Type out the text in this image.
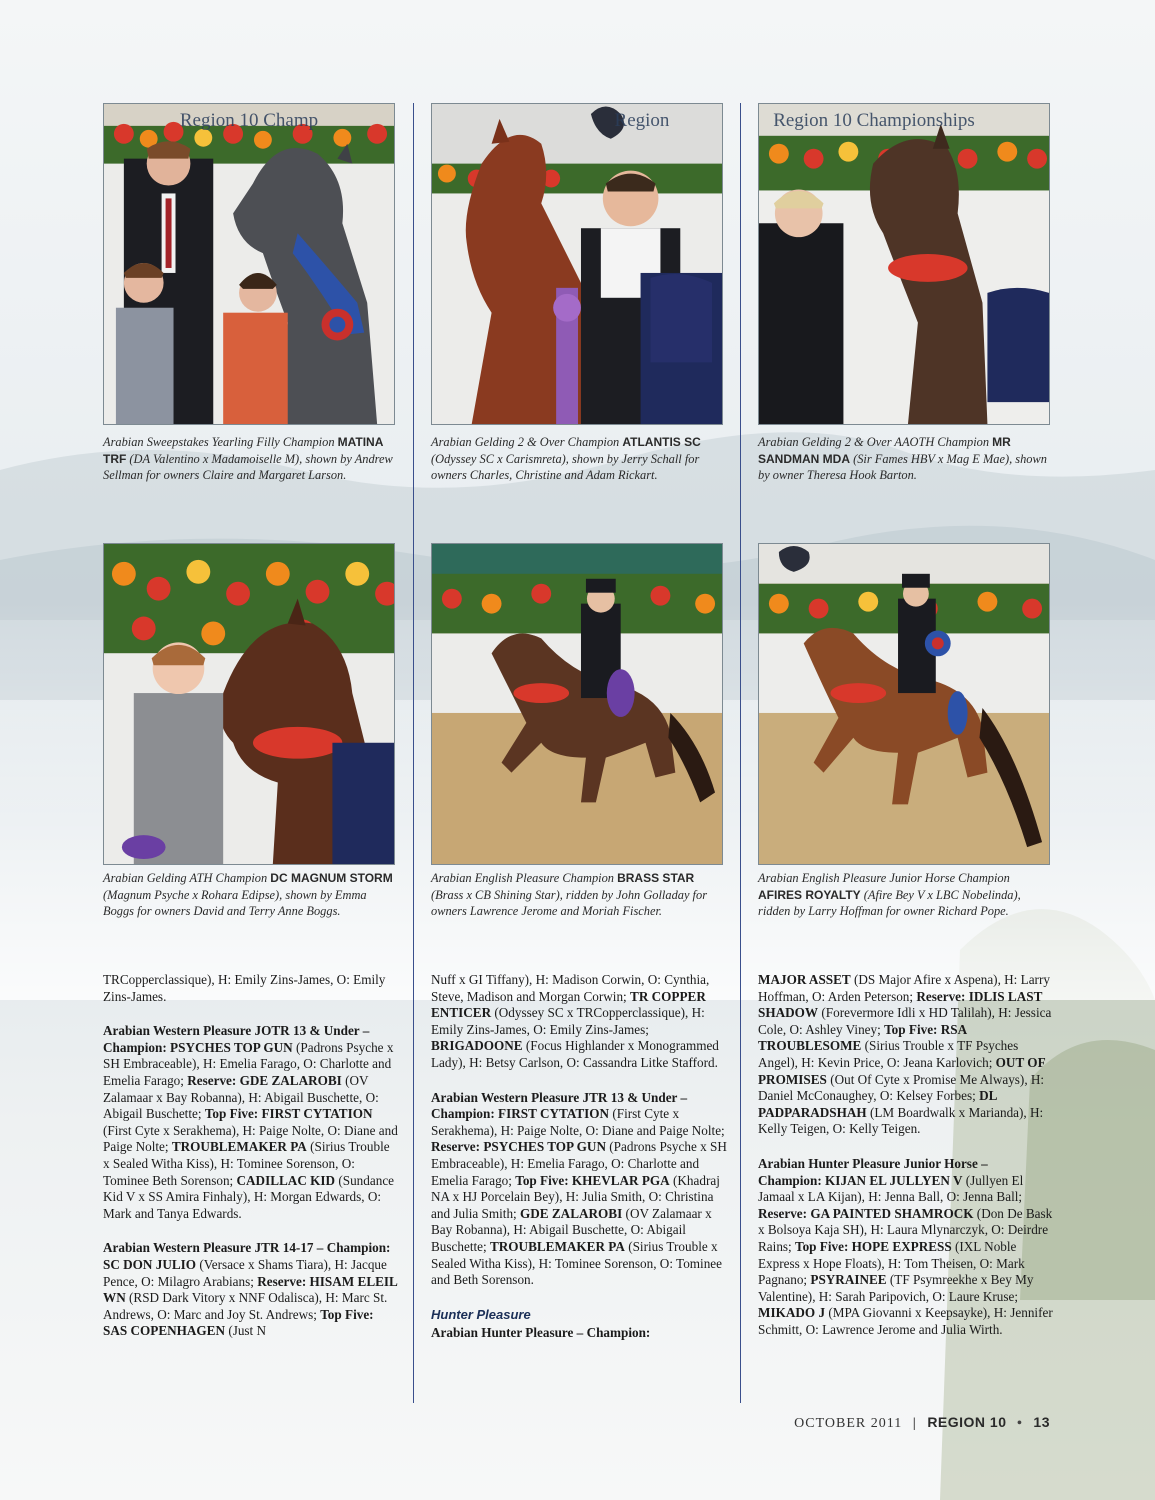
Region 10 Champ	Region	Region 10 Championships
Arabian Sweepstakes Yearling Filly Champion MATINA TRF (DA Valentino x Madamoiselle M), shown by Andrew Sellman for owners Claire and Margaret Larson.
Arabian Gelding 2 & Over Champion ATLANTIS SC (Odyssey SC x Carismreta), shown by Jerry Schall for owners Charles, Christine and Adam Rickart.
Arabian Gelding 2 & Over AAOTH Champion MR SANDMAN MDA (Sir Fames HBV x Mag E Mae), shown by owner Theresa Hook Barton.
Arabian Gelding ATH Champion DC MAGNUM STORM (Magnum Psyche x Rohara Edipse), shown by Emma Boggs for owners David and Terry Anne Boggs.
Arabian English Pleasure Champion BRASS STAR (Brass x CB Shining Star), ridden by John Golladay for owners Lawrence Jerome and Moriah Fischer.
Arabian English Pleasure Junior Horse Champion AFIRES ROYALTY (Afire Bey V x LBC Nobelinda), ridden by Larry Hoffman for owner Richard Pope.

TRCopperclassique), H: Emily Zins-James, O: Emily Zins-James.

Arabian Western Pleasure JOTR 13 & Under – Champion: PSYCHES TOP GUN (Padrons Psyche x SH Embraceable), H: Emelia Farago, O: Charlotte and Emelia Farago; Reserve: GDE ZALAROBI (OV Zalamaar x Bay Robanna), H: Abigail Buschette, O: Abigail Buschette; Top Five: FIRST CYTATION (First Cyte x Serakhema), H: Paige Nolte, O: Diane and Paige Nolte; TROUBLEMAKER PA (Sirius Trouble x Sealed Witha Kiss), H: Tominee Sorenson, O: Tominee Beth Sorenson; CADILLAC KID (Sundance Kid V x SS Amira Finhaly), H: Morgan Edwards, O: Mark and Tanya Edwards.

Arabian Western Pleasure JTR 14-17 – Champion: SC DON JULIO (Versace x Shams Tiara), H: Jacque Pence, O: Milagro Arabians; Reserve: HISAM ELEIL WN (RSD Dark Vitory x NNF Odalisca), H: Marc St. Andrews, O: Marc and Joy St. Andrews; Top Five: SAS COPENHAGEN (Just N

Nuff x GI Tiffany), H: Madison Corwin, O: Cynthia, Steve, Madison and Morgan Corwin; TR COPPER ENTICER (Odyssey SC x TRCopperclassique), H: Emily Zins-James, O: Emily Zins-James; BRIGADOONE (Focus Highlander x Monogrammed Lady), H: Betsy Carlson, O: Cassandra Litke Stafford.

Arabian Western Pleasure JTR 13 & Under – Champion: FIRST CYTATION (First Cyte x Serakhema), H: Paige Nolte, O: Diane and Paige Nolte; Reserve: PSYCHES TOP GUN (Padrons Psyche x SH Embraceable), H: Emelia Farago, O: Charlotte and Emelia Farago; Top Five: KHEVLAR PGA (Khadraj NA x HJ Porcelain Bey), H: Julia Smith, O: Christina and Julia Smith; GDE ZALAROBI (OV Zalamaar x Bay Robanna), H: Abigail Buschette, O: Abigail Buschette; TROUBLEMAKER PA (Sirius Trouble x Sealed Witha Kiss), H: Tominee Sorenson, O: Tominee and Beth Sorenson.

Hunter Pleasure

Arabian Hunter Pleasure – Champion:

MAJOR ASSET (DS Major Afire x Aspena), H: Larry Hoffman, O: Arden Peterson; Reserve: IDLIS LAST SHADOW (Forevermore Idli x HD Talilah), H: Jessica Cole, O: Ashley Viney; Top Five: RSA TROUBLESOME (Sirius Trouble x TF Psyches Angel), H: Kevin Price, O: Jeana Karlovich; OUT OF PROMISES (Out Of Cyte x Promise Me Always), H: Daniel McConaughey, O: Kelsey Forbes; DL PADPARADSHAH (LM Boardwalk x Marianda), H: Kelly Teigen, O: Kelly Teigen.

Arabian Hunter Pleasure Junior Horse – Champion: KIJAN EL JULLYEN V (Jullyen El Jamaal x LA Kijan), H: Jenna Ball, O: Jenna Ball; Reserve: GA PAINTED SHAMROCK (Don De Bask x Bolsoya Kaja SH), H: Laura Mlynarczyk, O: Deirdre Rains; Top Five: HOPE EXPRESS (IXL Noble Express x Hope Floats), H: Tom Theisen, O: Mark Pagnano; PSYRAINEE (TF Psymreekhe x Bey My Valentine), H: Sarah Paripovich, O: Laure Kruse; MIKADO J (MPA Giovanni x Keepsayke), H: Jennifer Schmitt, O: Lawrence Jerome and Julia Wirth.

OCTOBER 2011 | REGION 10 • 13
